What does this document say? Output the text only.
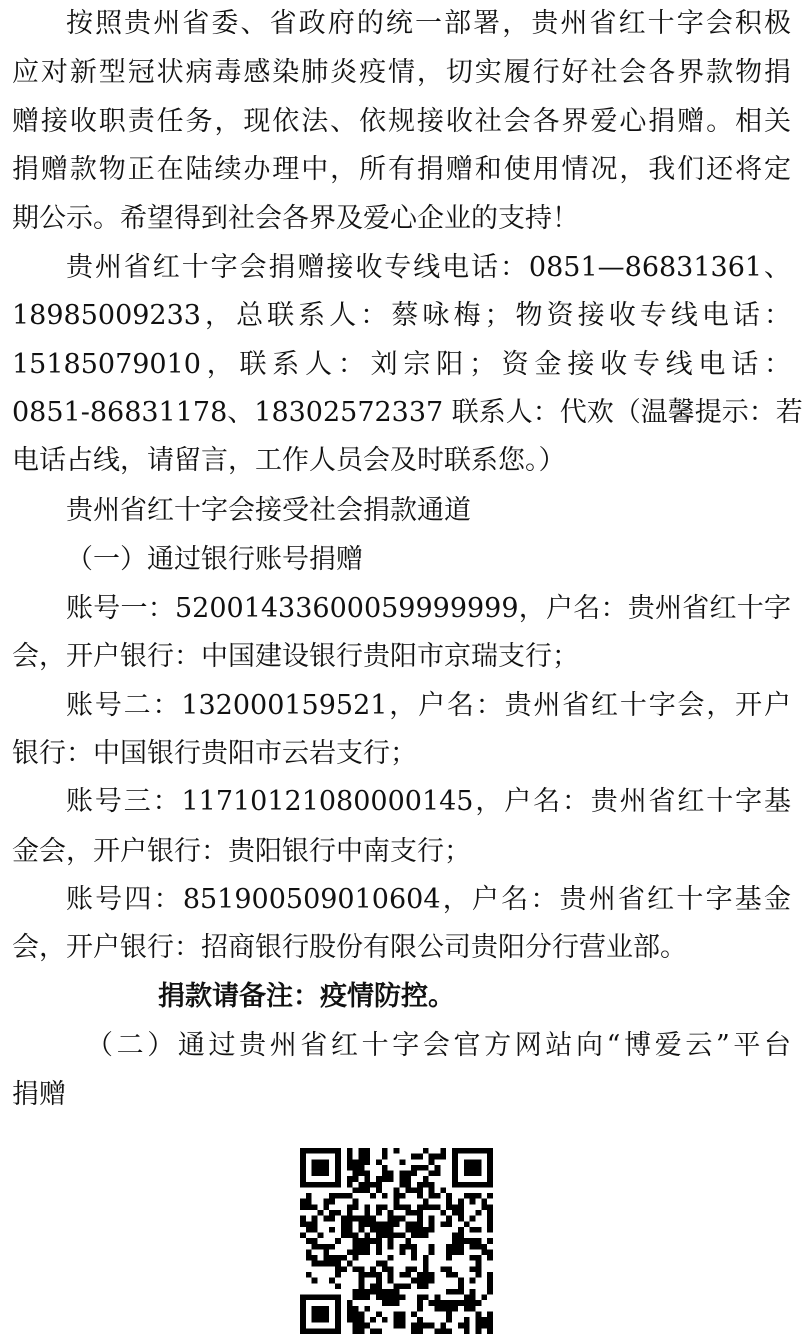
按照贵州省委、省政府的统一部署，贵州省红十字会积极
应对新型冠状病毒感染肺炎疫情，切实履行好社会各界款物捐
赠接收职责任务，现依法、依规接收社会各界爱心捐赠。相关
捐赠款物正在陆续办理中，所有捐赠和使用情况，我们还将定
期公示。希望得到社会各界及爱心企业的支持！
贵州省红十字会捐赠接收专线电话：0851—86831361、
18985009233，总联系人：蔡咏梅；物资接收专线电话：
15185079010，联系人：刘宗阳；资金接收专线电话：
0851-86831178、18302572337 联系人：代欢（温馨提示：若
电话占线，请留言，工作人员会及时联系您。）
贵州省红十字会接受社会捐款通道
（一）通过银行账号捐赠
账号一：52001433600059999999，户名：贵州省红十字
会，开户银行：中国建设银行贵阳市京瑞支行；
账号二：132000159521，户名：贵州省红十字会，开户
银行：中国银行贵阳市云岩支行；
账号三：11710121080000145，户名：贵州省红十字基
金会，开户银行：贵阳银行中南支行；
账号四：851900509010604，户名：贵州省红十字基金
会，开户银行：招商银行股份有限公司贵阳分行营业部。
捐款请备注：疫情防控。
（二）通过贵州省红十字会官方网站向“博爱云”平台
捐赠
